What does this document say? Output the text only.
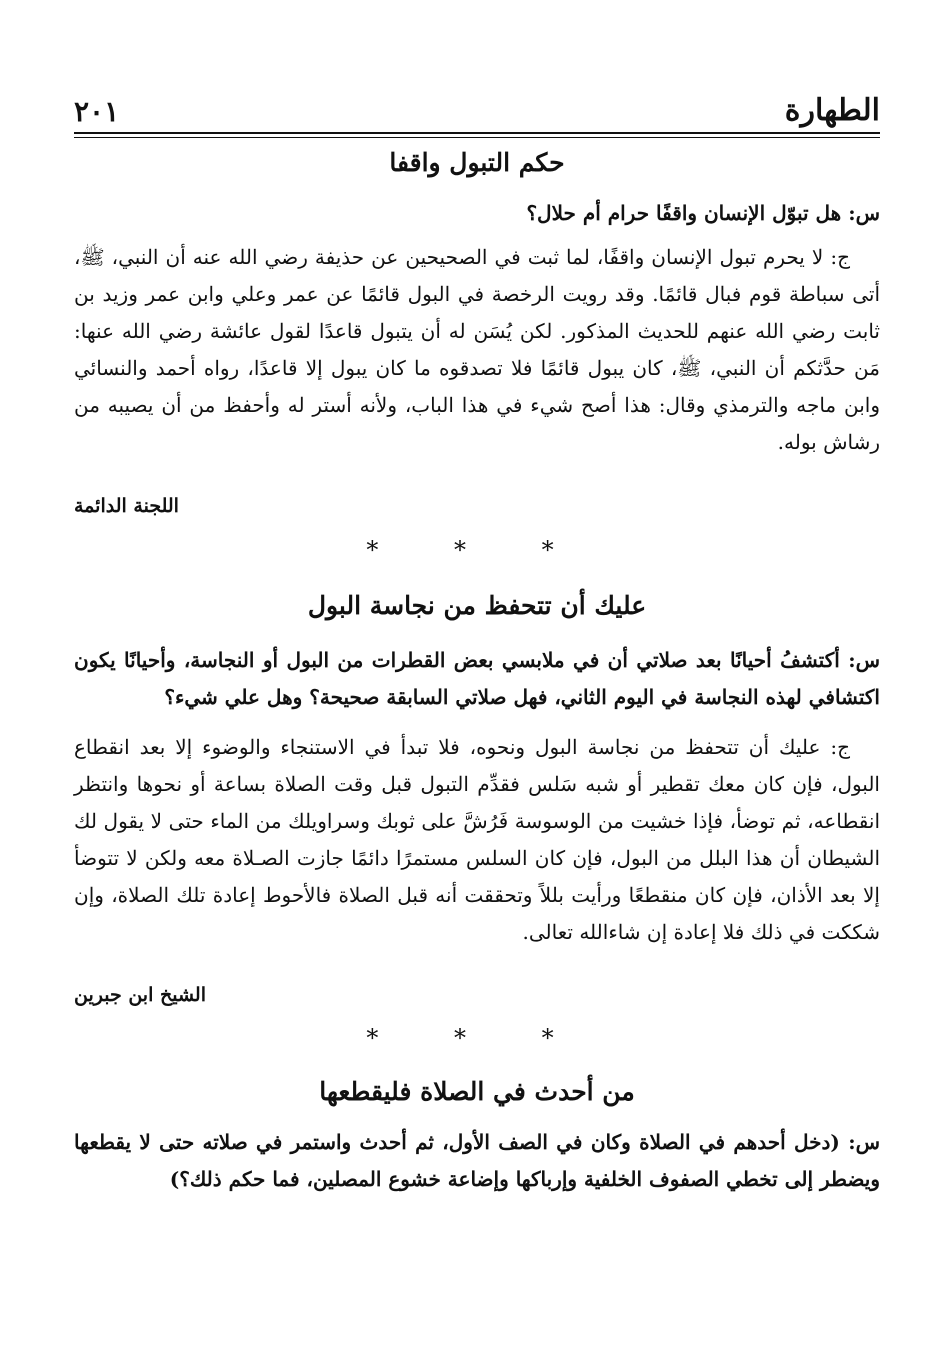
الطهارة
٢٠١
حكم التبول واقفا
س: هل تبوّل الإنسان واقفًا حرام أم حلال؟
ج: لا يحرم تبول الإنسان واقفًا، لما ثبت في الصحيحين عن حذيفة رضي الله عنه أن النبي، ﷺ، أتى سباطة قوم فبال قائمًا. وقد رويت الرخصة في البول قائمًا عن عمر وعلي وابن عمر وزيد بن ثابت رضي الله عنهم للحديث المذكور. لكن يُسَن له أن يتبول قاعدًا لقول عائشة رضي الله عنها: مَن حدَّثكم أن النبي، ﷺ، كان يبول قائمًا فلا تصدقوه ما كان يبول إلا قاعدًا، رواه أحمد والنسائي وابن ماجه والترمذي وقال: هذا أصح شيء في هذا الباب، ولأنه أستر له وأحفظ من أن يصيبه من رشاش بوله.
اللجنة الدائمة
* * *
عليك أن تتحفظ من نجاسة البول
س: أكتشفُ أحيانًا بعد صلاتي أن في ملابسي بعض القطرات من البول أو النجاسة، وأحيانًا يكون اكتشافي لهذه النجاسة في اليوم الثاني، فهل صلاتي السابقة صحيحة؟ وهل علي شيء؟
ج: عليك أن تتحفظ من نجاسة البول ونحوه، فلا تبدأ في الاستنجاء والوضوء إلا بعد انقطاع البول، فإن كان معك تقطير أو شبه سَلس فقدِّم التبول قبل وقت الصلاة بساعة أو نحوها وانتظر انقطاعه، ثم توضأ، فإذا خشيت من الوسوسة فَرُشَّ على ثوبك وسراويلك من الماء حتى لا يقول لك الشيطان أن هذا البلل من البول، فإن كان السلس مستمرًا دائمًا جازت الصـلاة معه ولكن لا تتوضأ إلا بعد الأذان، فإن كان منقطعًا ورأيت بللاً وتحققت أنه قبل الصلاة فالأحوط إعادة تلك الصلاة، وإن شككت في ذلك فلا إعادة إن شاءالله تعالى.
الشيخ ابن جبرين
* * *
من أحدث في الصلاة فليقطعها
س: (دخل أحدهم في الصلاة وكان في الصف الأول، ثم أحدث واستمر في صلاته حتى لا يقطعها ويضطر إلى تخطي الصفوف الخلفية وإرباكها وإضاعة خشوع المصلين، فما حكم ذلك؟)
